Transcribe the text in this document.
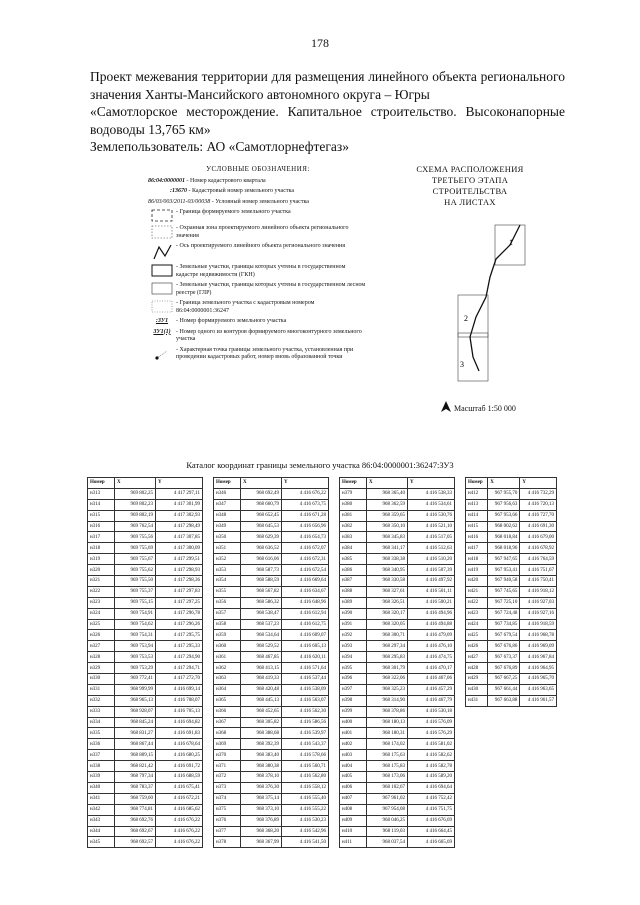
178
Проект межевания территории для размещения линейного объекта регионального
значения Ханты-Мансийского автономного округа – Югры
«Самотлорское месторождение. Капитальное строительство. Высоконапорные
водоводы 13,765 км»
Землепользователь: АО «Самотлорнефтегаз»
УСЛОВНЫЕ ОБОЗНАЧЕНИЯ:
86:04:0000001
- Номер кадастрового квартала
:13670
- Кадастровый номер земельного участка
86/03/003/2011-03/00038
- Условный номер земельного участка
- Граница формируемого земельного участка
- Охранная зона проектируемого линейного объекта регионального значения
- Ось проектируемого линейного объекта регионального значения
- Земельные участки, границы которых учтены в государственном кадастре недвижимости (ГКН)
- Земельные участки, границы которых учтены в государственном лесном реестре (ГЛР)
- Граница земельного участка с кадастровым номером 86:04:0000001:36247
:ЗУ1	- Номер формируемого земельного участка
ЗУ1(1) - Номер одного из контуров формируемого многоконтурного земельного участка
- Характерная точка границы земельного участка, установленная при проведении кадастровых работ, номер вновь образованной точки
СХЕМА РАСПОЛОЖЕНИЯ
ТРЕТЬЕГО ЭТАПА СТРОИТЕЛЬСТВА
НА ЛИСТАХ
1
2
3

Масштаб 1:50 000
Каталог координат границы земельного участка 86:04:0000001:36247:ЗУ3
Номер	X	Y
н313	969 802,25	4 417 297,11
н314	969 802,23	4 417 301,99
н315	969 802,19	4 417 302,93
н316	969 762,54	4 417 298,49
н317	969 755,56	4 417 307,85
н318	969 755,69	4 417 300,09
н319	969 755,67	4 417 299,51
н320	969 755,62	4 417 298,93
н321	969 755,50	4 417 298,36
н322	969 755,37	4 417 297,83
н323	969 755,15	4 417 297,25
н324	969 754,91	4 417 296,78
н325	969 754,62	4 417 296,26
н326	969 754,31	4 417 295,75
н327	969 753,94	4 417 295,33
н328	969 753,53	4 417 294,90
н329	969 753,29	4 417 294,71
н330	969 772,41	4 417 272,70
н331	968 999,99	4 416 699,14
н332	968 965,13	4 416 708,07
н333	968 928,07	4 416 705,13
н334	968 845,24	4 416 694,82
н335	968 831,27	4 416 691,83
н336	968 867,44	4 416 678,64
н337	968 809,15	4 416 680,25
н338	968 821,42	4 416 691,72
н339	968 797,34	4 416 688,59
н340	968 783,37	4 416 675,41
н341	968 759,60	4 416 672,21
н342	968 774,81	4 416 685,62
н343	968 692,76	4 416 676,22
н344	968 692,67	4 416 676,22
н345	968 692,57	4 416 676,22
Номер	X	Y
н346	968 692,49	4 416 676,22
н347	968 660,79	4 416 673,75
н348	968 652,45	4 416 671,28
н349	968 645,53	4 416 656,96
н350	968 629,39	4 416 654,73
н351	968 636,52	4 416 672,07
н352	968 616,06	4 416 672,31
н353	968 587,73	4 416 672,54
н354	968 588,59	4 416 669,64
н355	968 567,82	4 416 634,67
н356	968 586,32	4 416 648,96
н357	968 538,47	4 416 612,94
н358	968 537,23	4 416 612,75
н359	968 534,64	4 416 609,07
н360	968 529,52	4 416 605,13
н361	968 467,85	4 416 620,11
н362	968 413,15	4 416 571,64
н363	968 419,33	4 416 537,44
н364	968 420,48	4 416 538,09
н365	968 445,13	4 416 563,07
н366	968 452,65	4 416 562,30
н367	968 305,82	4 416 586,56
н368	968 388,68	4 416 539,97
н369	968 392,39	4 416 543,37
н370	968 383,40	4 416 578,66
н371	968 380,38	4 416 560,71
н372	968 378,10	4 416 562,80
н373	968 376,30	4 416 558,12
н374	968 375,14	4 416 555,40
н375	968 373,10	4 416 555,22
н376	968 376,89	4 416 530,23
н377	968 368,20	4 416 542,96
н378	968 367,99	4 416 541,50
Номер	X	Y
н379	968 365,40	4 416 538,33
н380	968 362,59	4 416 534,61
н381	968 359,65	4 416 530,76
н382	968 350,10	4 416 521,10
н383	968 345,83	4 416 517,05
н384	968 341,17	4 416 512,63
н385	968 338,38	4 416 510,20
н386	968 340,95	4 416 507,39
н387	968 330,58	4 416 497,92
н388	968 327,61	4 416 501,11
н389	968 326,51	4 416 500,21
н390	968 320,17	4 416 494,96
н391	968 320,05	4 416 494,88
н392	968 300,71	4 416 479,09
н393	968 297,34	4 416 476,10
н394	968 295,83	4 416 474,75
н395	968 301,79	4 416 470,17
н396	968 322,06	4 416 467,06
н397	968 325,23	4 416 457,29
н398	968 314,90	4 416 467,79
н399	968 378,86	4 416 530,18
н400	968 180,13	4 416 576,09
н401	968 180,31	4 416 576,29
н402	968 174,02	4 416 581,02
н403	968 175,63	4 416 582,62
н404	968 175,83	4 416 582,78
н405	968 173,06	4 416 589,20
н406	968 102,67	4 416 694,64
н407	967 961,02	4 416 752,42
н408	967 954,08	4 416 751,75
н409	968 046,25	4 416 676,69
н410	968 119,03	4 416 664,45
н411	968 037,54	4 416 665,69
Номер	X	Y
н412	967 955,70	4 416 732,29
н413	967 956,63	4 416 720,13
н414	967 953,66	4 416 727,70
н415	968 002,62	4 416 691,30
н416	968 018,84	4 416 679,00
н417	968 018,96	4 416 678,92
н418	967 947,65	4 416 764,59
н419	967 953,41	4 416 751,67
н420	967 940,58	4 416 750,41
н421	967 745,65	4 416 918,12
н422	967 725,10	4 416 927,03
н423	967 724,48	4 416 927,16
н424	967 734,85	4 416 918,59
н425	967 679,54	4 416 968,78
н426	967 676,86	4 416 969,09
н427	967 673,37	4 416 967,84
н428	967 676,89	4 416 964,95
н429	967 667,25	4 416 965,70
н430	967 661,44	4 416 963,65
н431	967 663,88	4 416 961,57
